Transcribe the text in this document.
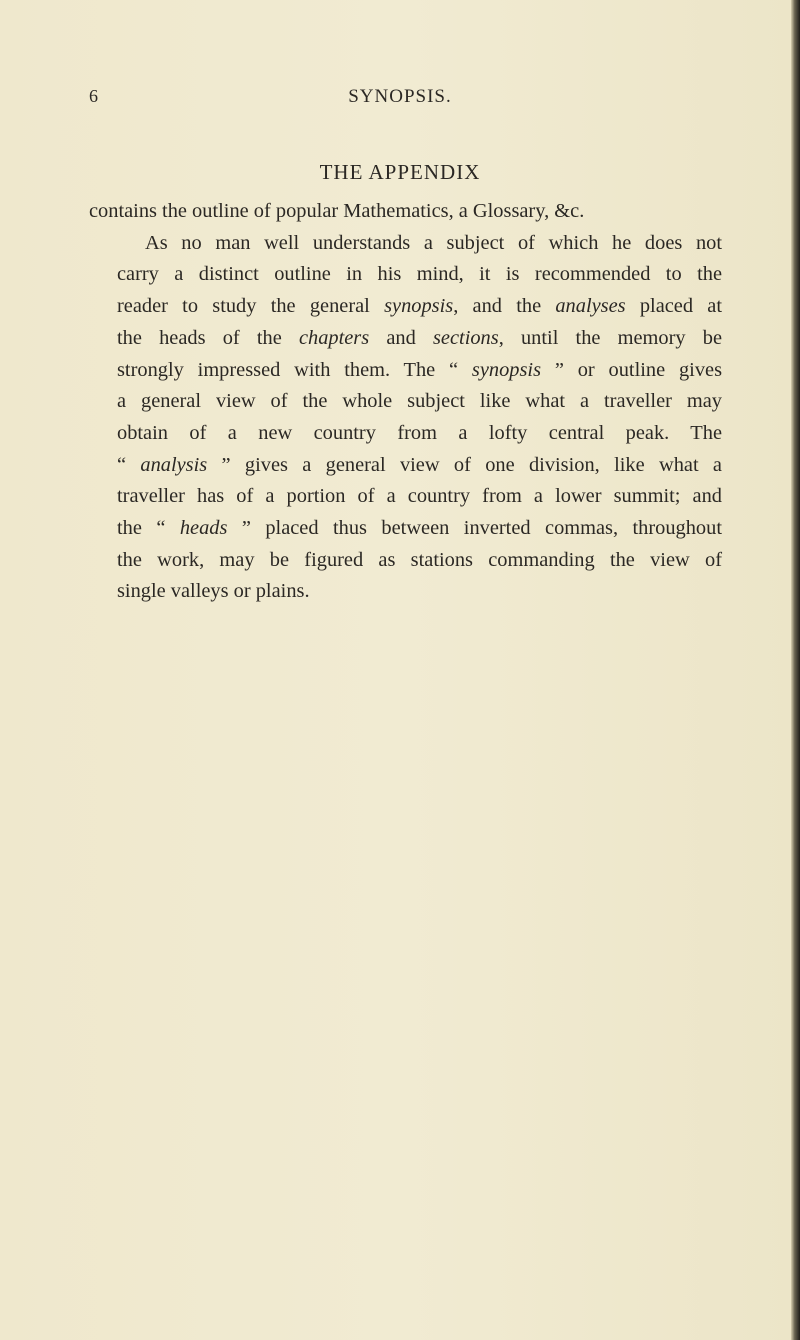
6	SYNOPSIS.
THE APPENDIX

contains the outline of popular Mathematics, a Glossary, &c.

As no man well understands a subject of which he does not
carry a distinct outline in his mind, it is recommended to the
reader to study the general synopsis, and the analyses placed at
the heads of the chapters and sections, until the memory be
strongly impressed with them. The “ synopsis ” or outline gives
a general view of the whole subject like what a traveller may
obtain of a new country from a lofty central peak. The
“ analysis ” gives a general view of one division, like what a
traveller has of a portion of a country from a lower summit; and
the “ heads ” placed thus between inverted commas, throughout
the work, may be figured as stations commanding the view of
single valleys or plains.
